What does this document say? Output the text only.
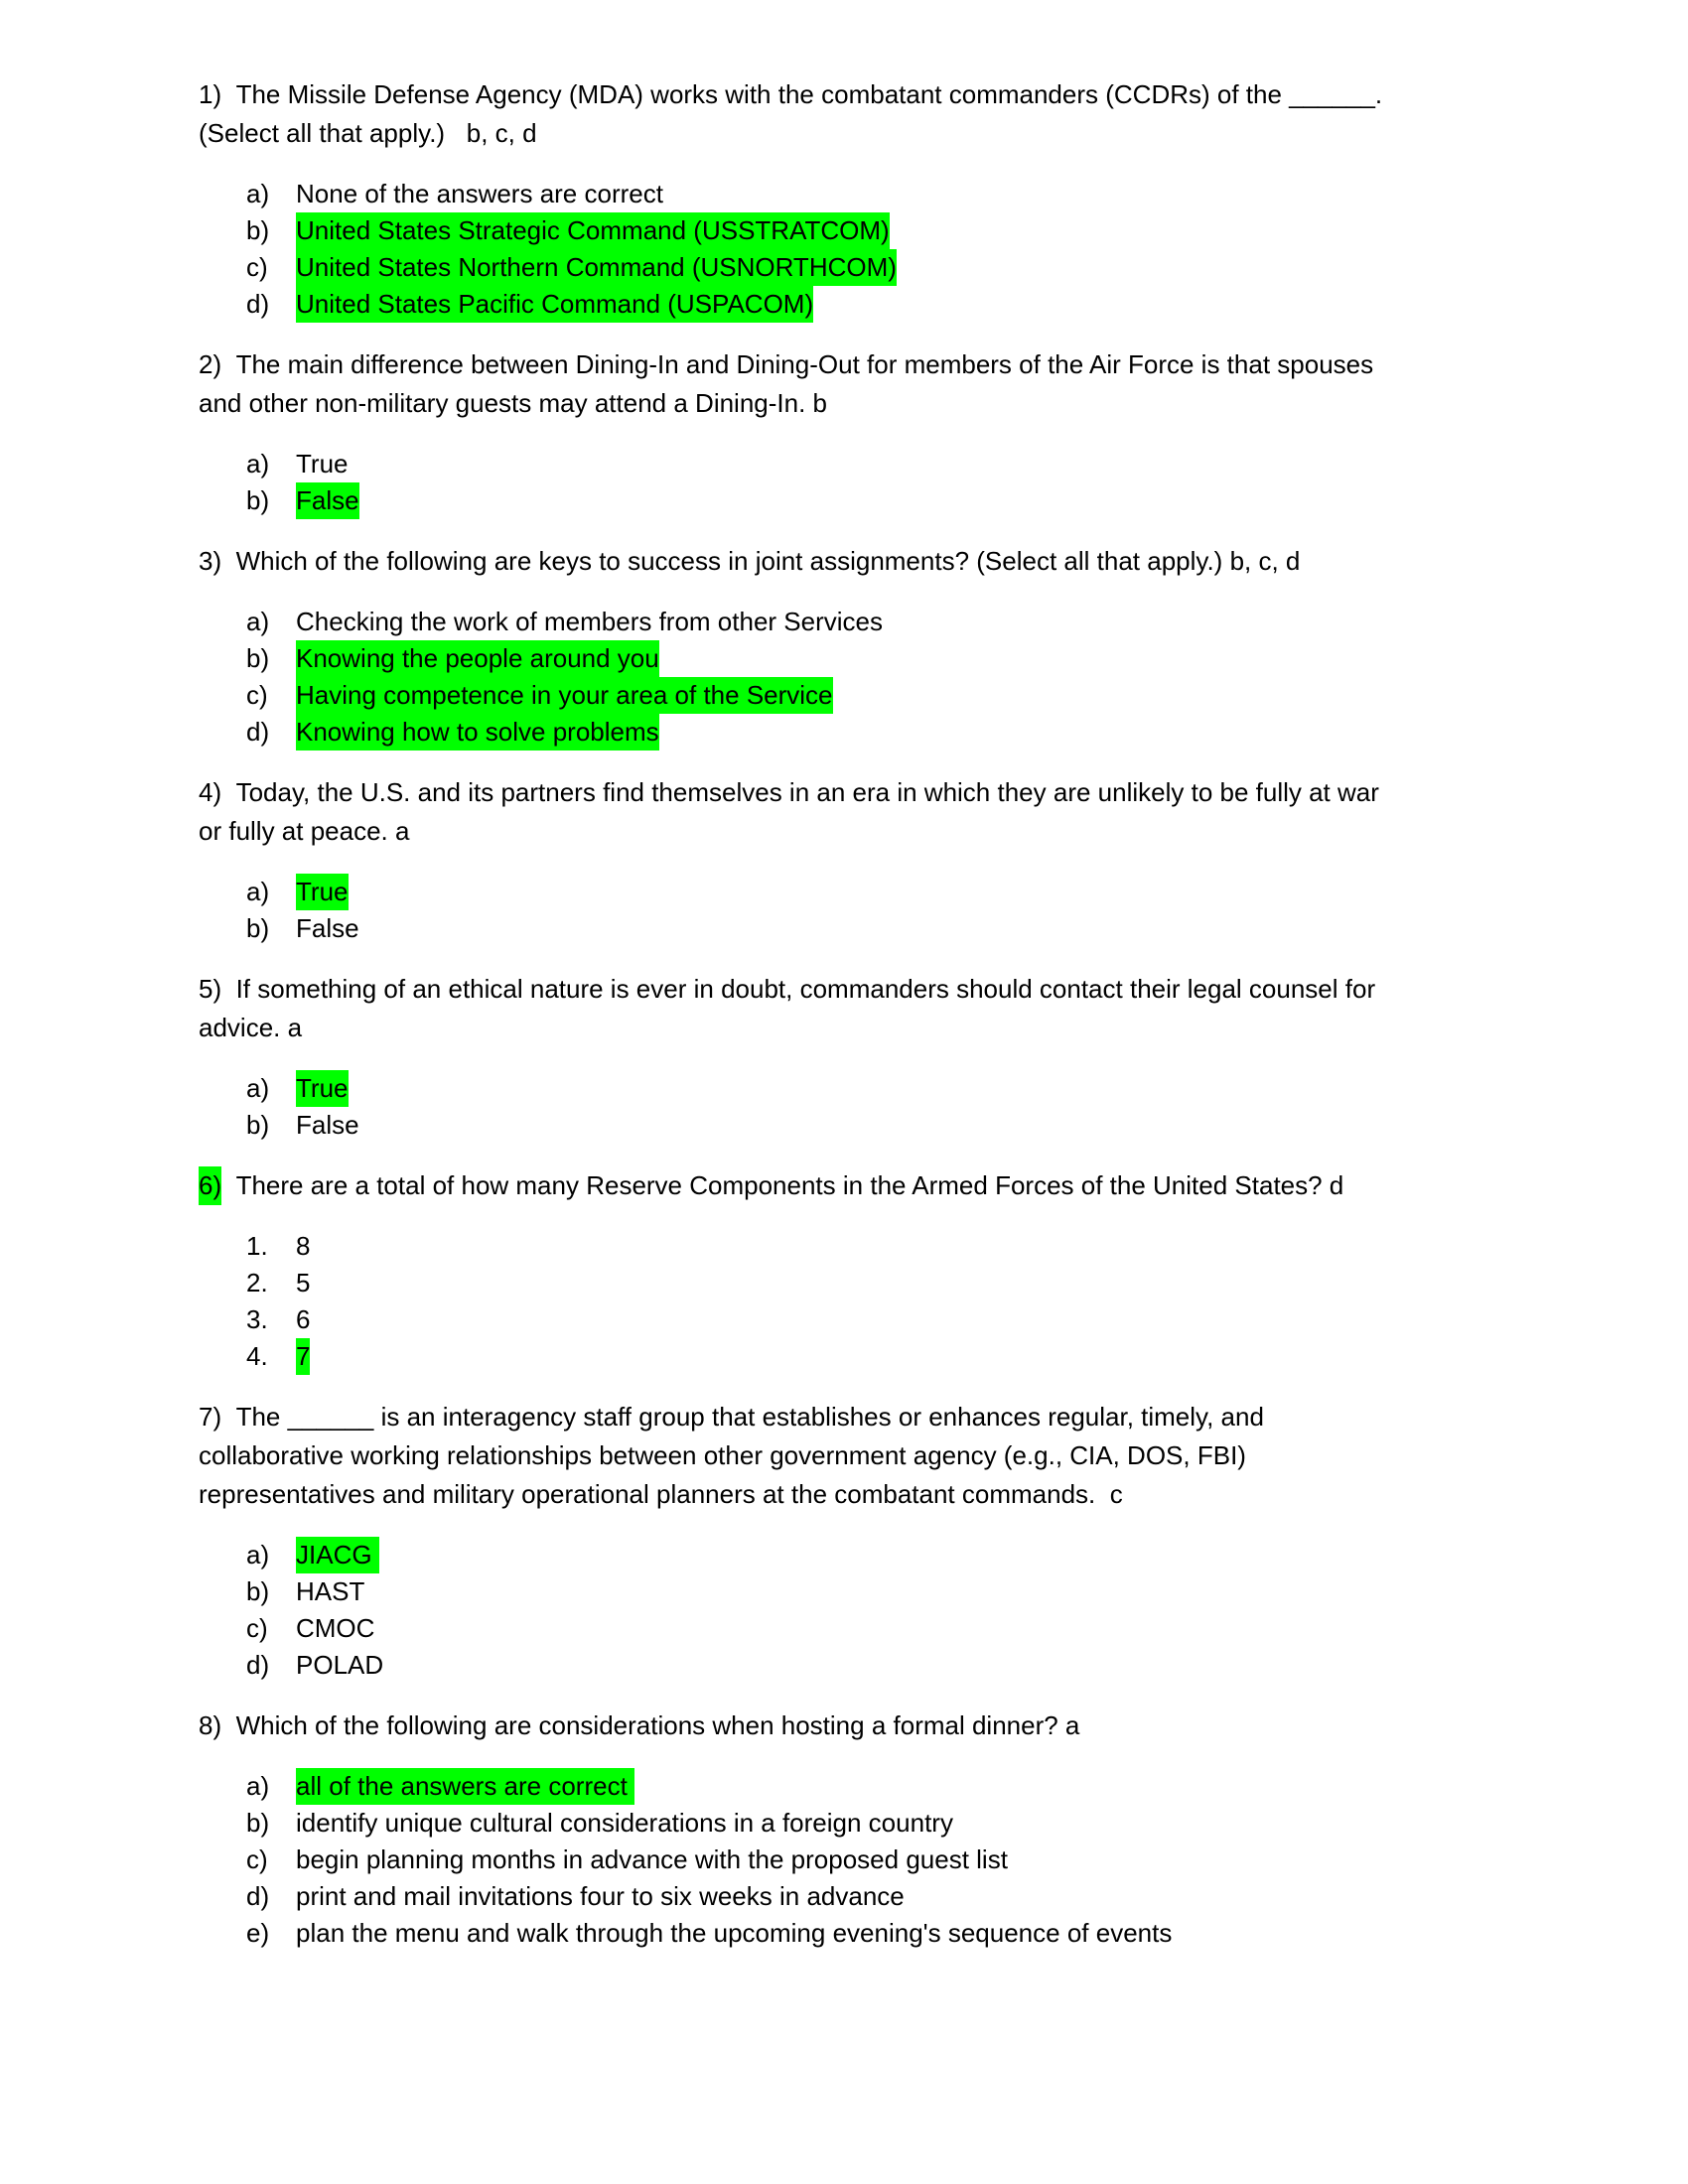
1) The Missile Defense Agency (MDA) works with the combatant commanders (CCDRs) of the ______.
(Select all that apply.)   b, c, d

a) None of the answers are correct
b) United States Strategic Command (USSTRATCOM)
c) United States Northern Command (USNORTHCOM)
d) United States Pacific Command (USPACOM)

2) The main difference between Dining-In and Dining-Out for members of the Air Force is that spouses
and other non-military guests may attend a Dining-In. b

a) True
b) False

3) Which of the following are keys to success in joint assignments? (Select all that apply.) b, c, d

a) Checking the work of members from other Services
b) Knowing the people around you
c) Having competence in your area of the Service
d) Knowing how to solve problems

4) Today, the U.S. and its partners find themselves in an era in which they are unlikely to be fully at war
or fully at peace. a

a) True
b) False

5) If something of an ethical nature is ever in doubt, commanders should contact their legal counsel for
advice. a

a) True
b) False

6) There are a total of how many Reserve Components in the Armed Forces of the United States? d

1. 8
2. 5
3. 6
4. 7

7) The ______ is an interagency staff group that establishes or enhances regular, timely, and
collaborative working relationships between other government agency (e.g., CIA, DOS, FBI)
representatives and military operational planners at the combatant commands.  c

a) JIACG
b) HAST
c) CMOC
d) POLAD

8) Which of the following are considerations when hosting a formal dinner? a

a) all of the answers are correct
b) identify unique cultural considerations in a foreign country
c) begin planning months in advance with the proposed guest list
d) print and mail invitations four to six weeks in advance
e) plan the menu and walk through the upcoming evening's sequence of events
